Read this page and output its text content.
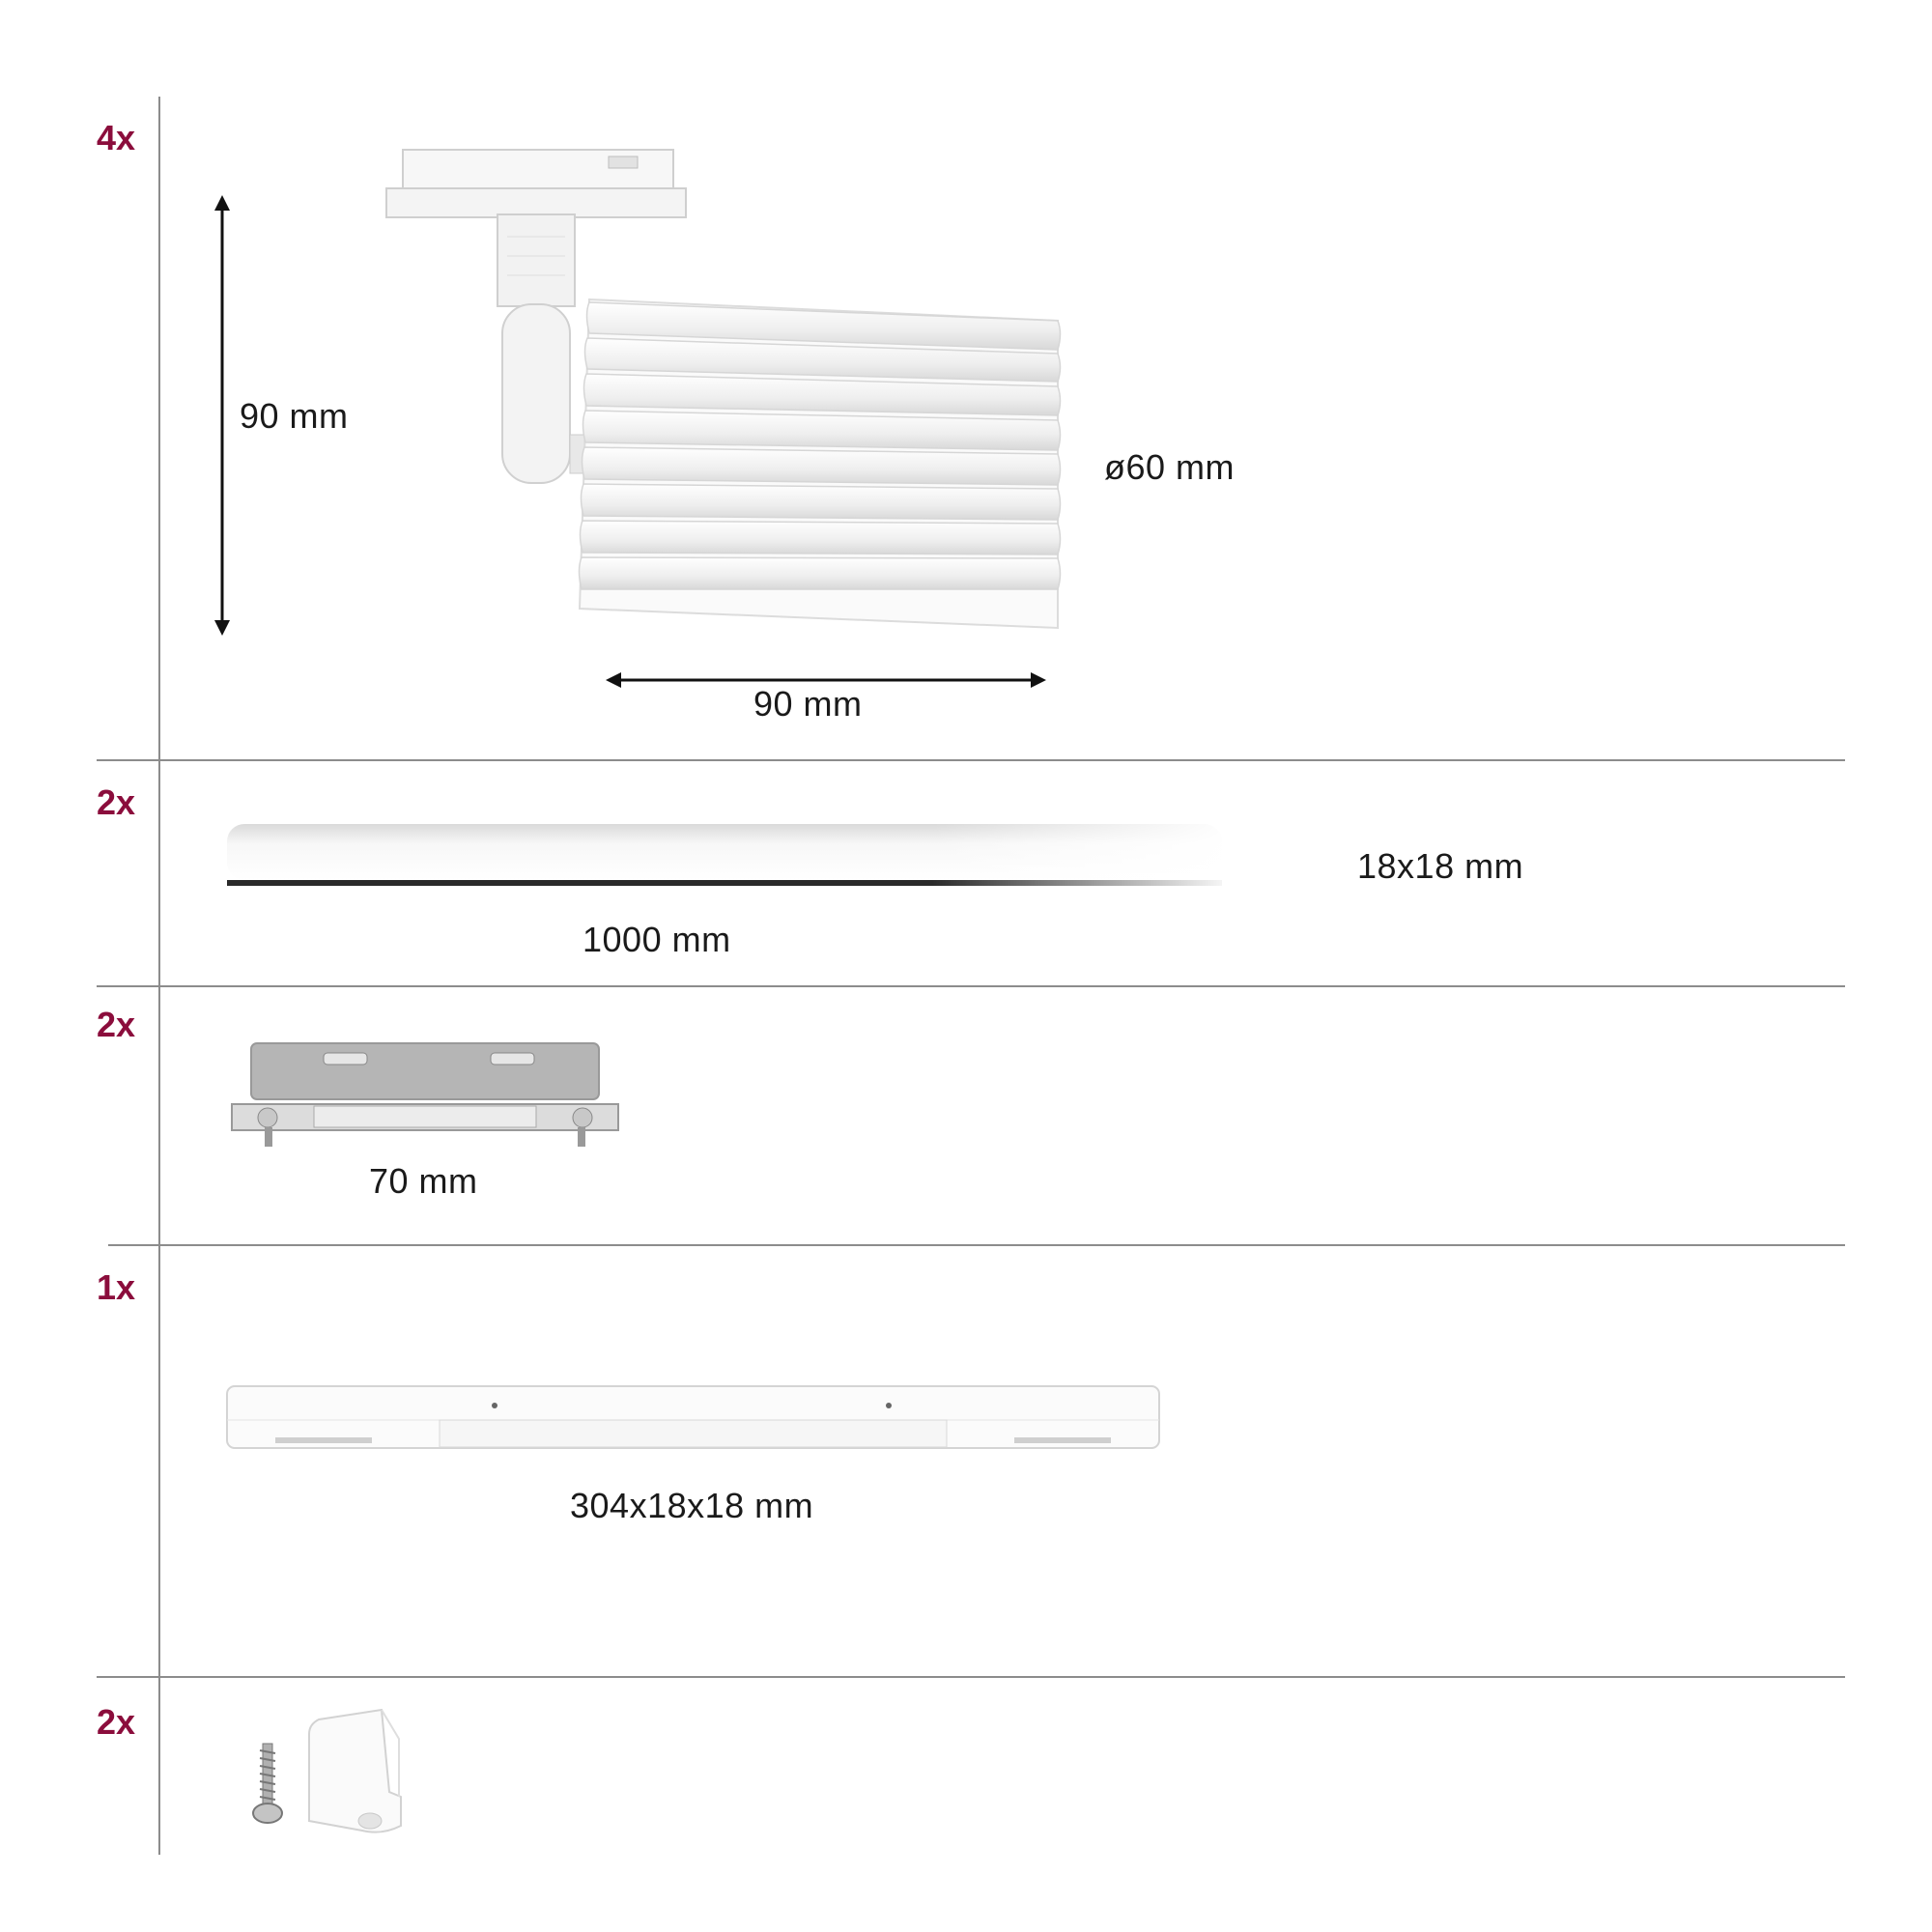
4x
90 mm
ø60 mm
90 mm
2x
18x18 mm
1000 mm
2x
70 mm
1x
304x18x18 mm
2x
